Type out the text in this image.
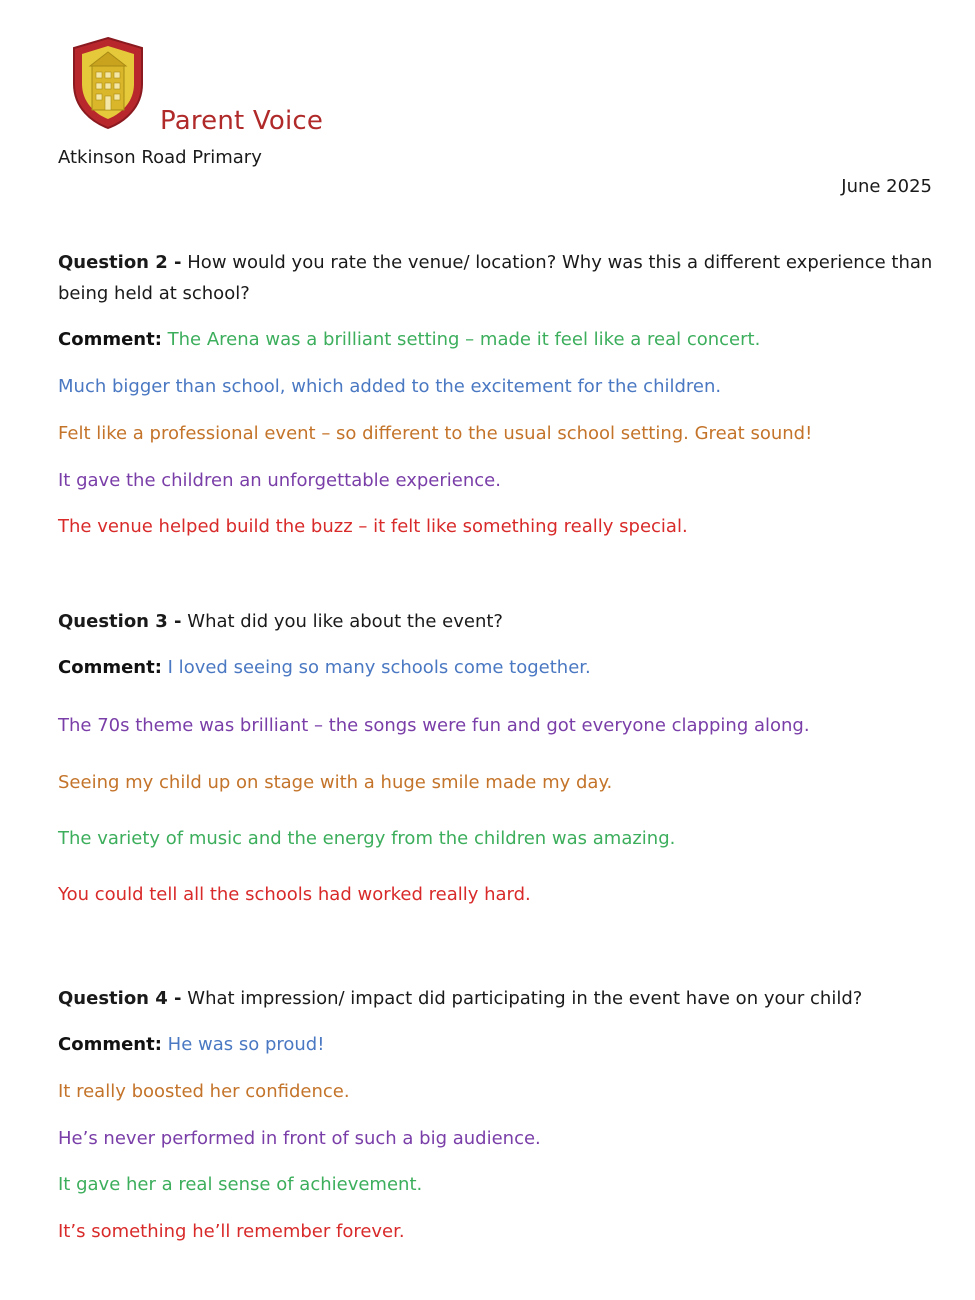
Parent Voice
Atkinson Road Primary
June 2025
Question 2 - How would you rate the venue/ location? Why was this a different experience than being held at school?
Comment: The Arena was a brilliant setting – made it feel like a real concert.
Much bigger than school, which added to the excitement for the children.
Felt like a professional event – so different to the usual school setting. Great sound!
It gave the children an unforgettable experience.
The venue helped build the buzz – it felt like something really special.
Question 3 - What did you like about the event?
Comment: I loved seeing so many schools come together.
The 70s theme was brilliant – the songs were fun and got everyone clapping along.
Seeing my child up on stage with a huge smile made my day.
The variety of music and the energy from the children was amazing.
You could tell all the schools had worked really hard.
Question 4 - What impression/ impact did participating in the event have on your child?
Comment: He was so proud!
It really boosted her confidence.
He’s never performed in front of such a big audience.
It gave her a real sense of achievement.
It’s something he’ll remember forever.
